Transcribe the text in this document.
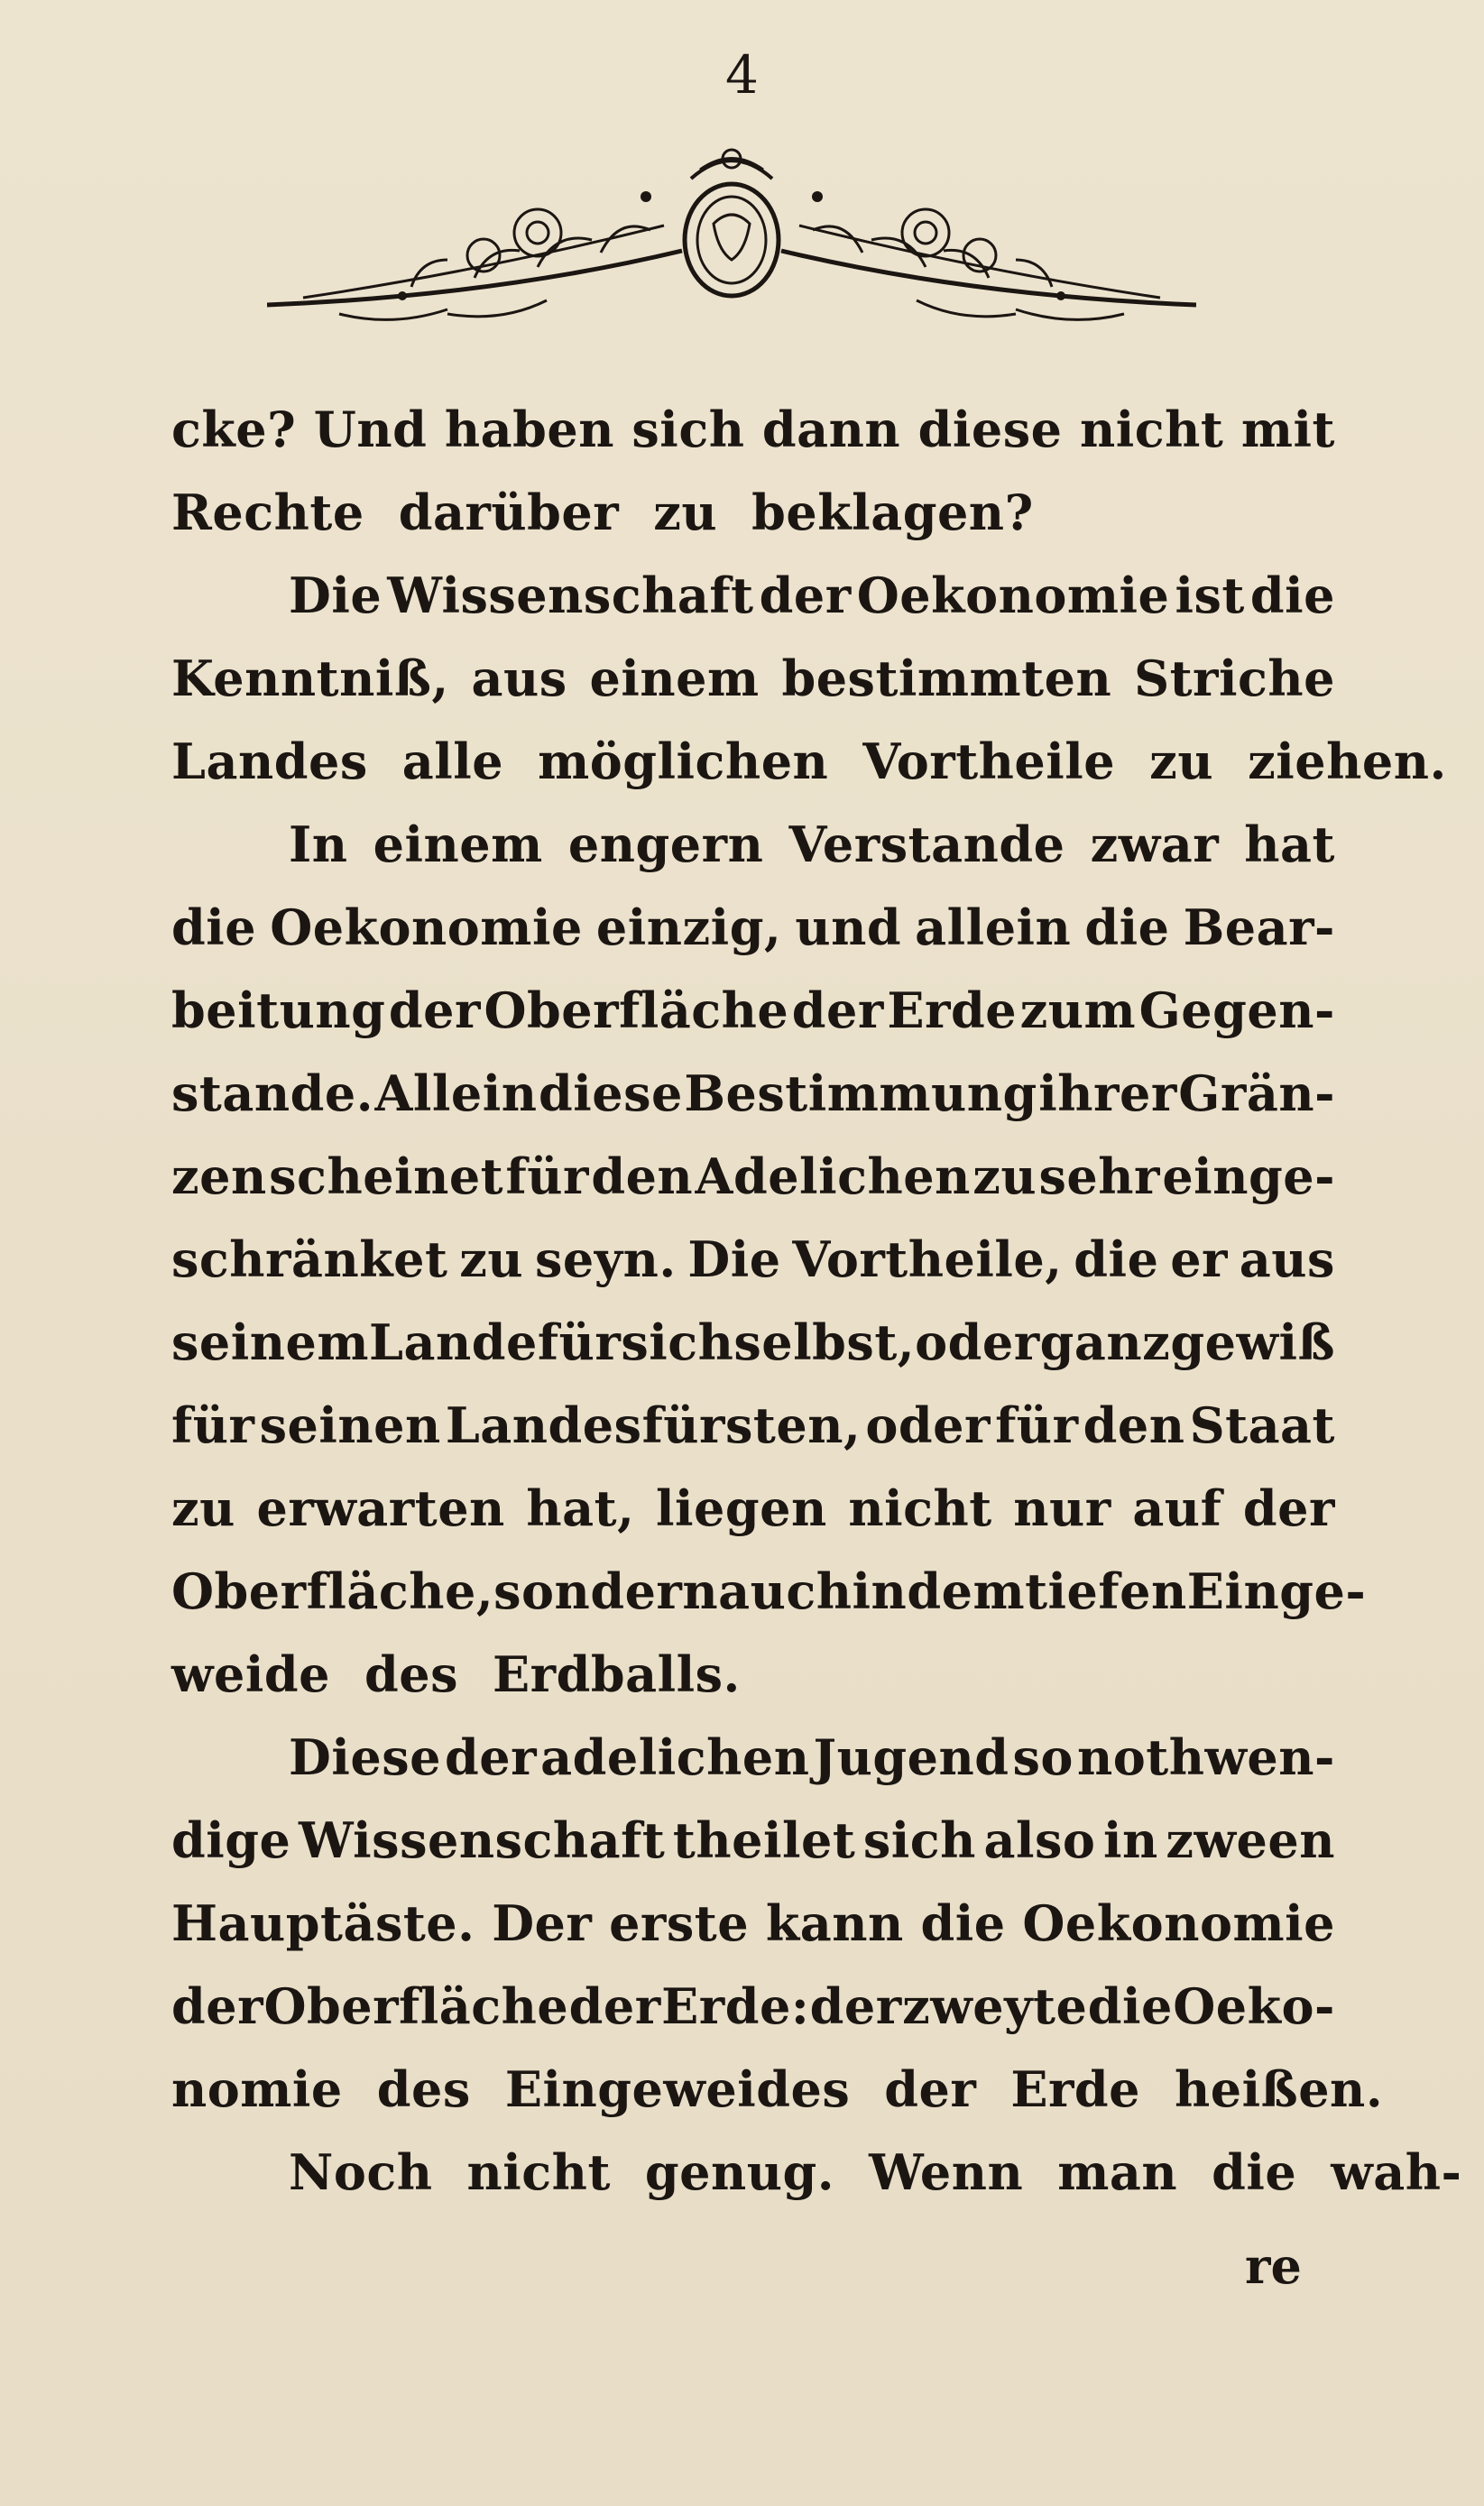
4
cke? Und haben sich dann diese nicht mit
Rechte darüber zu beklagen?
Die Wissenschaft der Oekonomie ist die
Kenntniß, aus einem bestimmten Striche
Landes alle möglichen Vortheile zu ziehen.
In einem engern Verstande zwar hat
die Oekonomie einzig, und allein die Bear-
beitung der Oberfläche der Erde zum Gegen-
stande. Allein diese Bestimmung ihrer Grän-
zen scheinet für den Adelichen zu sehr einge-
schränket zu seyn. Die Vortheile, die er aus
seinem Lande für sich selbst, oder ganz gewiß
für seinen Landesfürsten, oder für den Staat
zu erwarten hat, liegen nicht nur auf der
Oberfläche, sondern auch in dem tiefen Einge-
weide des Erdballs.
Diese der adelichen Jugend so nothwen-
dige Wissenschaft theilet sich also in zween
Hauptäste. Der erste kann die Oekonomie
der Oberfläche der Erde: der zweyte die Oeko-
nomie des Eingeweides der Erde heißen.
Noch nicht genug. Wenn man die wah-
re
